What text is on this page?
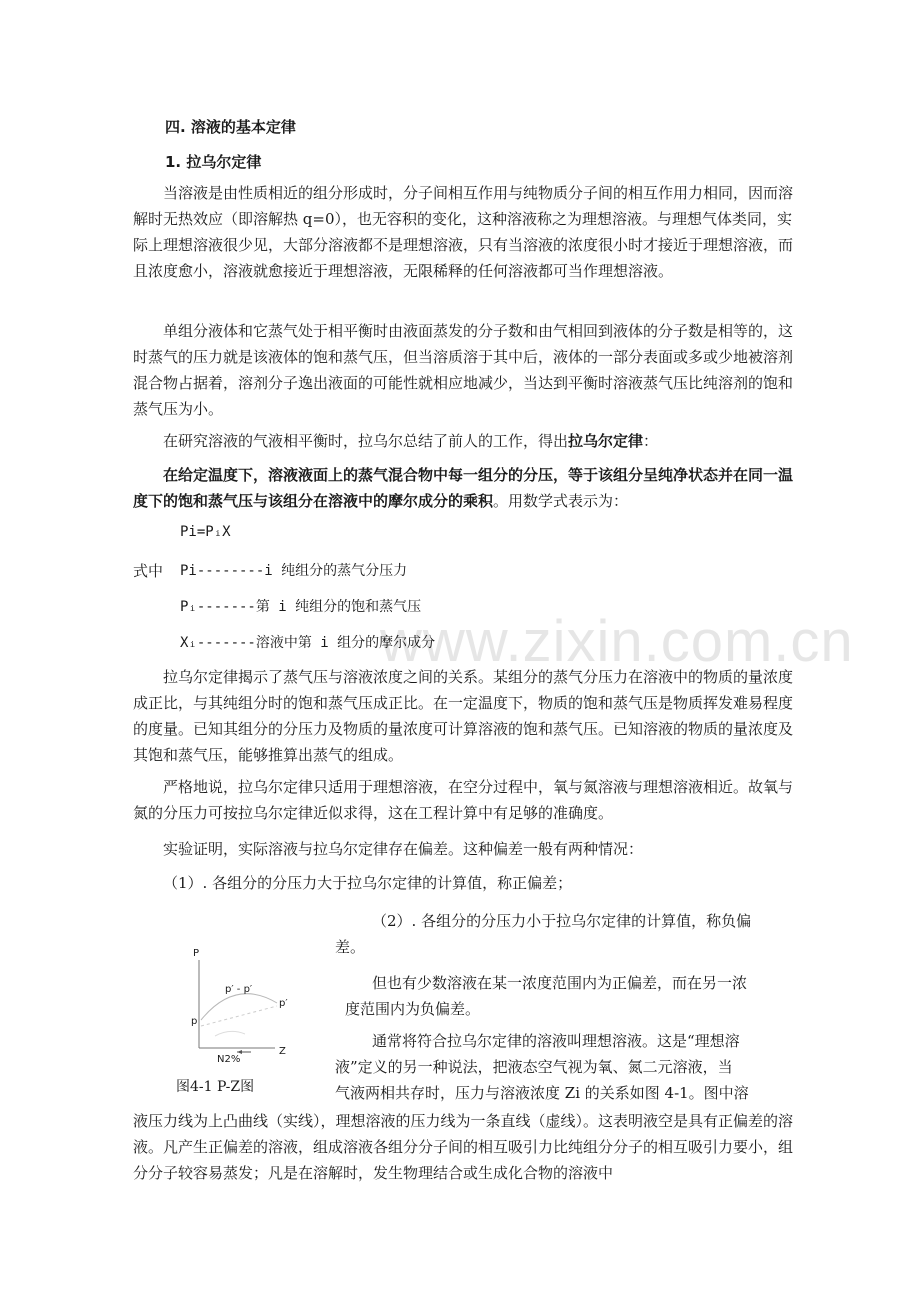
www.zixin.com.cn
四. 溶液的基本定律
1. 拉乌尔定律
当溶液是由性质相近的组分形成时，分子间相互作用与纯物质分子间的相互作用力相同，因而溶解时无热效应（即溶解热 q=0），也无容积的变化，这种溶液称之为理想溶液。与理想气体类同，实际上理想溶液很少见，大部分溶液都不是理想溶液，只有当溶液的浓度很小时才接近于理想溶液，而且浓度愈小，溶液就愈接近于理想溶液，无限稀释的任何溶液都可当作理想溶液。
单组分液体和它蒸气处于相平衡时由液面蒸发的分子数和由气相回到液体的分子数是相等的，这时蒸气的压力就是该液体的饱和蒸气压，但当溶质溶于其中后，液体的一部分表面或多或少地被溶剂混合物占据着，溶剂分子逸出液面的可能性就相应地减少，当达到平衡时溶液蒸气压比纯溶剂的饱和蒸气压为小。
在研究溶液的气液相平衡时，拉乌尔总结了前人的工作，得出拉乌尔定律：
在给定温度下，溶液液面上的蒸气混合物中每一组分的分压，等于该组分呈纯净状态并在同一温度下的饱和蒸气压与该组分在溶液中的摩尔成分的乘积。用数学式表示为：
Pi=PᵢX
式中 Pi--------i 纯组分的蒸气分压力
Pᵢ-------第 i 纯组分的饱和蒸气压
Xᵢ-------溶液中第 i 组分的摩尔成分
拉乌尔定律揭示了蒸气压与溶液浓度之间的关系。某组分的蒸气分压力在溶液中的物质的量浓度成正比，与其纯组分时的饱和蒸气压成正比。在一定温度下，物质的饱和蒸气压是物质挥发难易程度的度量。已知其组分的分压力及物质的量浓度可计算溶液的饱和蒸气压。已知溶液的物质的量浓度及其饱和蒸气压，能够推算出蒸气的组成。
严格地说，拉乌尔定律只适用于理想溶液，在空分过程中，氧与氮溶液与理想溶液相近。故氧与氮的分压力可按拉乌尔定律近似求得，这在工程计算中有足够的准确度。
实验证明，实际溶液与拉乌尔定律存在偏差。这种偏差一般有两种情况：
（1）. 各组分的分压力大于拉乌尔定律的计算值，称正偏差；
（2）. 各组分的分压力小于拉乌尔定律的计算值，称负偏
差。
但也有少数溶液在某一浓度范围内为正偏差，而在另一浓
度范围内为负偏差。
通常将符合拉乌尔定律的溶液叫理想溶液。这是“理想溶
液”定义的另一种说法，把液态空气视为氧、氮二元溶液，当
气液两相共存时，压力与溶液浓度 Zi 的关系如图 4-1。图中溶
液压力线为上凸曲线（实线），理想溶液的压力线为一条直线（虚线）。这表明液空是具有正偏差的溶液。凡产生正偏差的溶液，组成溶液各组分分子间的相互吸引力比纯组分分子的相互吸引力要小，组分分子较容易蒸发；凡是在溶解时，发生物理结合或生成化合物的溶液中
P
Z
p′ - p′
p′
p
N2%
图4-1 P-Z图
